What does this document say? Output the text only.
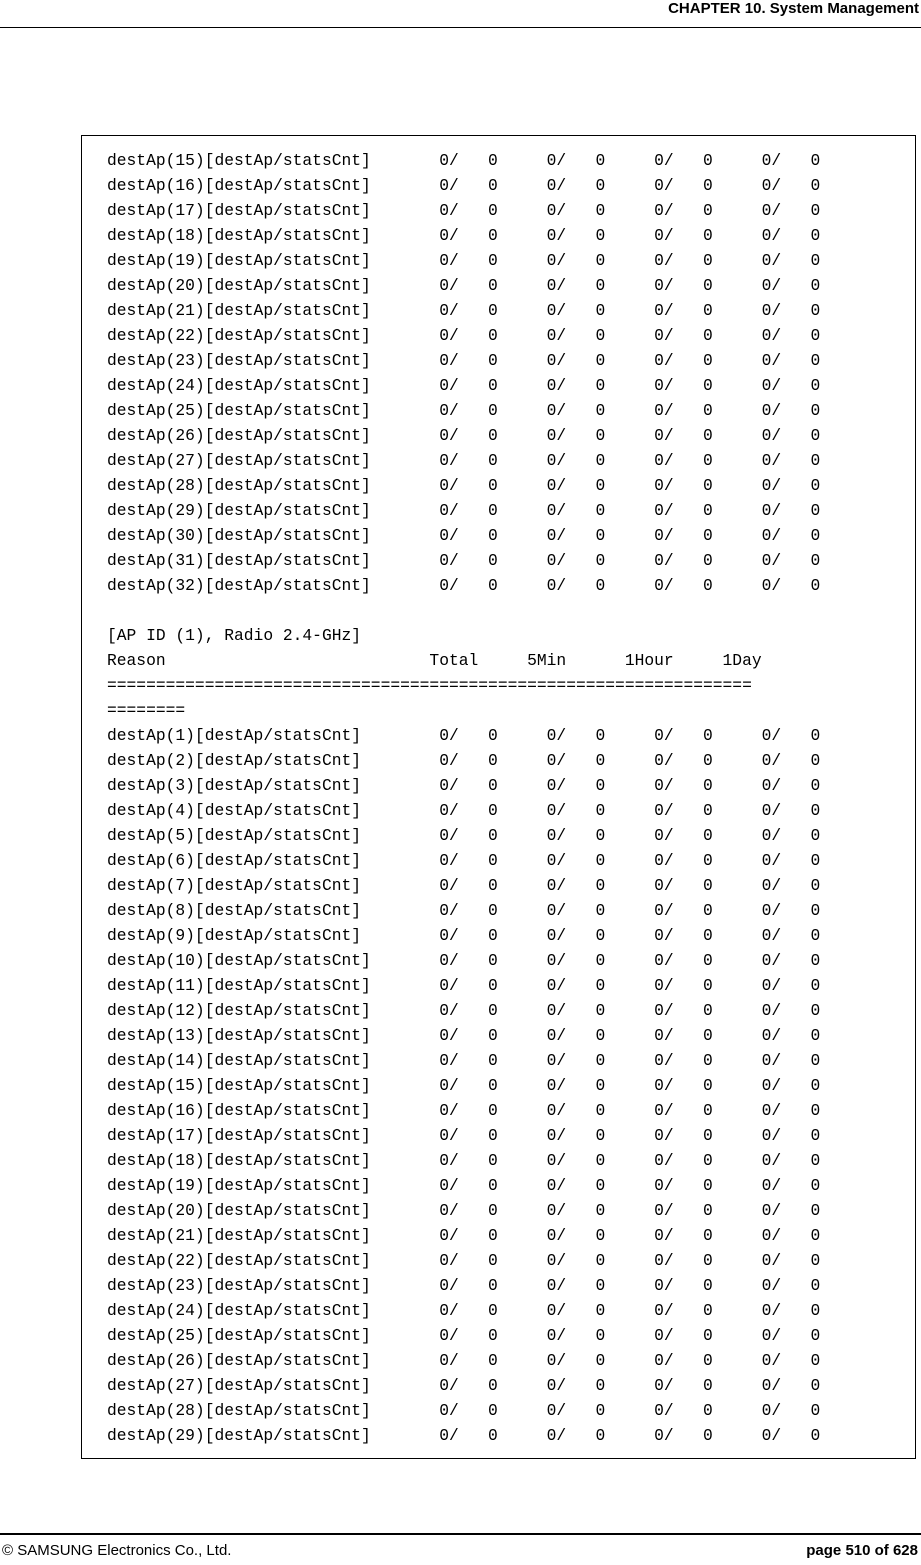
CHAPTER 10. System Management
destAp(15)[destAp/statsCnt]       0/   0     0/   0     0/   0     0/   0
destAp(16)[destAp/statsCnt]       0/   0     0/   0     0/   0     0/   0
destAp(17)[destAp/statsCnt]       0/   0     0/   0     0/   0     0/   0
destAp(18)[destAp/statsCnt]       0/   0     0/   0     0/   0     0/   0
destAp(19)[destAp/statsCnt]       0/   0     0/   0     0/   0     0/   0
destAp(20)[destAp/statsCnt]       0/   0     0/   0     0/   0     0/   0
destAp(21)[destAp/statsCnt]       0/   0     0/   0     0/   0     0/   0
destAp(22)[destAp/statsCnt]       0/   0     0/   0     0/   0     0/   0
destAp(23)[destAp/statsCnt]       0/   0     0/   0     0/   0     0/   0
destAp(24)[destAp/statsCnt]       0/   0     0/   0     0/   0     0/   0
destAp(25)[destAp/statsCnt]       0/   0     0/   0     0/   0     0/   0
destAp(26)[destAp/statsCnt]       0/   0     0/   0     0/   0     0/   0
destAp(27)[destAp/statsCnt]       0/   0     0/   0     0/   0     0/   0
destAp(28)[destAp/statsCnt]       0/   0     0/   0     0/   0     0/   0
destAp(29)[destAp/statsCnt]       0/   0     0/   0     0/   0     0/   0
destAp(30)[destAp/statsCnt]       0/   0     0/   0     0/   0     0/   0
destAp(31)[destAp/statsCnt]       0/   0     0/   0     0/   0     0/   0
destAp(32)[destAp/statsCnt]       0/   0     0/   0     0/   0     0/   0
[AP ID (1), Radio 2.4-GHz]
Reason                           Total     5Min      1Hour     1Day
==================================================================
========
destAp(1)[destAp/statsCnt]        0/   0     0/   0     0/   0     0/   0
destAp(2)[destAp/statsCnt]        0/   0     0/   0     0/   0     0/   0
destAp(3)[destAp/statsCnt]        0/   0     0/   0     0/   0     0/   0
destAp(4)[destAp/statsCnt]        0/   0     0/   0     0/   0     0/   0
destAp(5)[destAp/statsCnt]        0/   0     0/   0     0/   0     0/   0
destAp(6)[destAp/statsCnt]        0/   0     0/   0     0/   0     0/   0
destAp(7)[destAp/statsCnt]        0/   0     0/   0     0/   0     0/   0
destAp(8)[destAp/statsCnt]        0/   0     0/   0     0/   0     0/   0
destAp(9)[destAp/statsCnt]        0/   0     0/   0     0/   0     0/   0
destAp(10)[destAp/statsCnt]       0/   0     0/   0     0/   0     0/   0
destAp(11)[destAp/statsCnt]       0/   0     0/   0     0/   0     0/   0
destAp(12)[destAp/statsCnt]       0/   0     0/   0     0/   0     0/   0
destAp(13)[destAp/statsCnt]       0/   0     0/   0     0/   0     0/   0
destAp(14)[destAp/statsCnt]       0/   0     0/   0     0/   0     0/   0
destAp(15)[destAp/statsCnt]       0/   0     0/   0     0/   0     0/   0
destAp(16)[destAp/statsCnt]       0/   0     0/   0     0/   0     0/   0
destAp(17)[destAp/statsCnt]       0/   0     0/   0     0/   0     0/   0
destAp(18)[destAp/statsCnt]       0/   0     0/   0     0/   0     0/   0
destAp(19)[destAp/statsCnt]       0/   0     0/   0     0/   0     0/   0
destAp(20)[destAp/statsCnt]       0/   0     0/   0     0/   0     0/   0
destAp(21)[destAp/statsCnt]       0/   0     0/   0     0/   0     0/   0
destAp(22)[destAp/statsCnt]       0/   0     0/   0     0/   0     0/   0
destAp(23)[destAp/statsCnt]       0/   0     0/   0     0/   0     0/   0
destAp(24)[destAp/statsCnt]       0/   0     0/   0     0/   0     0/   0
destAp(25)[destAp/statsCnt]       0/   0     0/   0     0/   0     0/   0
destAp(26)[destAp/statsCnt]       0/   0     0/   0     0/   0     0/   0
destAp(27)[destAp/statsCnt]       0/   0     0/   0     0/   0     0/   0
destAp(28)[destAp/statsCnt]       0/   0     0/   0     0/   0     0/   0
destAp(29)[destAp/statsCnt]       0/   0     0/   0     0/   0     0/   0
© SAMSUNG Electronics Co., Ltd.	page 510 of 628
